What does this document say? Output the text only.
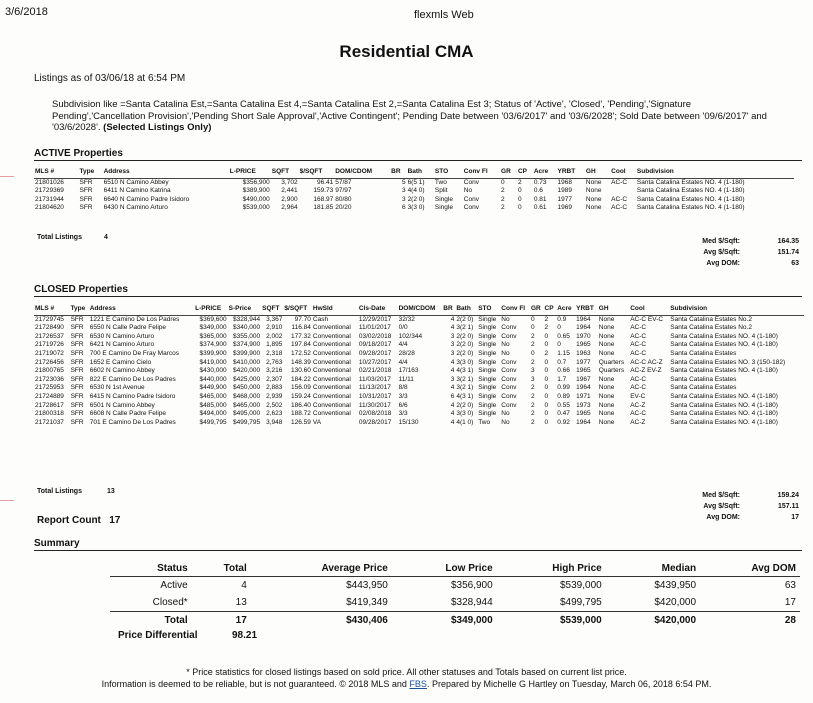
3/6/2018	flexmls Web
Residential CMA
Listings as of 03/06/18 at 6:54 PM
Subdivision like =Santa Catalina Est,=Santa Catalina Est 4,=Santa Catalina Est 2,=Santa Catalina Est 3; Status of 'Active', 'Closed', 'Pending','Signature Pending','Cancellation Provision','Pending Short Sale Approval','Active Contingent'; Pending Date between '03/6/2017' and '03/6/2028'; Sold Date between '09/6/2017' and '03/6/2028'. (Selected Listings Only)
ACTIVE Properties
MLS #	Type	Address	L-PRICE	SQFT	$/SQFT	DOM/CDOM	BR	Bath	STO	Conv Fl	GR	CP	Acre	YRBT	GH	Cool	Subdivision
21801026	SFR	6510 N Camino Abbey	$356,900	3,702	96.41	57/87	5	6(5 1)	Two	Conv	0	2	0.73	1968	None	AC-C	Santa Catalina Estates NO. 4 (1-180)
21729369	SFR	6411 N Camino Katrina	$389,900	2,441	159.73	97/97	3	4(4 0)	Split	No	2	0	0.6	1989	None		Santa Catalina Estates NO. 4 (1-180)
21731944	SFR	6640 N Camino Padre Isidoro	$490,000	2,900	168.97	80/80	3	2(2 0)	Single	Conv	2	0	0.81	1977	None	AC-C	Santa Catalina Estates NO. 4 (1-180)
21804620	SFR	6430 N Camino Arturo	$539,000	2,964	181.85	20/20	6	3(3 0)	Single	Conv	2	0	0.61	1969	None	AC-C	Santa Catalina Estates NO. 4 (1-180)
Total Listings	4
Med $/Sqft:	164.35
Avg $/Sqft:	151.74
Avg DOM:	63
CLOSED Properties
MLS #	Type	Address	L-PRICE	S-Price	SQFT	$/SQFT	HwSld	Cls-Date	DOM/CDOM	BR	Bath	STO	Conv Fl	GR	CP	Acre	YRBT	GH	Cool	Subdivision
21729745	SFR	1221 E Camino De Los Padres	$369,600	$328,944	3,367	97.70	Cash	12/29/2017	32/32	4	2(2 0)	Single	No	0	2	0.9	1964	None	AC-C EV-C	Santa Catalina Estates No.2
21728490	SFR	6550 N Calle Padre Felipe	$349,000	$340,000	2,910	116.84	Conventional	11/01/2017	0/0	4	3(2 1)	Single	Conv	0	2	0	1964	None	AC-C	Santa Catalina Estates No.2
21726537	SFR	6530 N Camino Arturo	$365,000	$355,000	2,002	177.32	Conventional	03/02/2018	102/344	3	2(2 0)	Single	Conv	2	0	0.65	1970	None	AC-C	Santa Catalina Estates NO. 4 (1-180)
21719726	SFR	6421 N Camino Arturo	$374,900	$374,900	1,895	197.84	Conventional	09/18/2017	4/4	3	2(2 0)	Single	No	2	0	0	1965	None	AC-C	Santa Catalina Estates NO. 4 (1-180)
21719072	SFR	700 E Camino De Fray Marcos	$399,900	$399,900	2,318	172.52	Conventional	09/28/2017	28/28	3	2(2 0)	Single	No	0	2	1.15	1963	None	AC-C	Santa Catalina Estates
21726456	SFR	1652 E Camino Cielo	$419,000	$410,000	2,763	148.39	Conventional	10/27/2017	4/4	4	3(3 0)	Single	Conv	2	0	0.7	1977	Quarters	AC-C AC-Z	Santa Catalina Estates NO. 3 (150-182)
21800765	SFR	6602 N Camino Abbey	$430,000	$420,000	3,216	130.60	Conventional	02/21/2018	17/163	4	4(3 1)	Single	Conv	3	0	0.66	1965	Quarters	AC-Z EV-Z	Santa Catalina Estates NO. 4 (1-180)
21723036	SFR	822 E Camino De Los Padres	$440,000	$425,000	2,307	184.22	Conventional	11/03/2017	11/11	3	3(2 1)	Single	Conv	3	0	1.7	1967	None	AC-C	Santa Catalina Estates
21725953	SFR	6530 N 1st Avenue	$449,900	$450,000	2,883	156.09	Conventional	11/13/2017	8/8	4	3(2 1)	Single	Conv	2	0	0.99	1964	None	AC-C	Santa Catalina Estates
21724889	SFR	6415 N Camino Padre Isidoro	$465,000	$468,000	2,939	159.24	Conventional	10/31/2017	3/3	6	4(3 1)	Single	Conv	2	0	0.89	1971	None	EV-C	Santa Catalina Estates NO. 4 (1-180)
21728617	SFR	6501 N Camino Abbey	$485,000	$465,000	2,502	186.40	Conventional	11/30/2017	6/6	4	2(2 0)	Single	Conv	2	0	0.55	1973	None	AC-Z	Santa Catalina Estates NO. 4 (1-180)
21800318	SFR	6608 N Calle Padre Felipe	$494,000	$495,000	2,623	188.72	Conventional	02/08/2018	3/3	4	3(3 0)	Single	No	2	0	0.47	1965	None	AC-C	Santa Catalina Estates NO. 4 (1-180)
21721037	SFR	701 E Camino De Los Padres	$499,795	$499,795	3,948	126.59	VA	09/28/2017	15/130	4	4(1 0)	Two	No	2	0	0.92	1964	None	AC-Z	Santa Catalina Estates NO. 4 (1-180)
Total Listings	13
Med $/Sqft:	159.24
Avg $/Sqft:	157.11
Avg DOM:	17
Report Count 17
Summary
Status	Total	Average Price	Low Price	High Price	Median	Avg DOM
Active	4	$443,950	$356,900	$539,000	$439,950	63
Closed*	13	$419,349	$328,944	$499,795	$420,000	17
Total	17	$430,406	$349,000	$539,000	$420,000	28
Price Differential	98.21
* Price statistics for closed listings based on sold price. All other statuses and Totals based on current list price.
Information is deemed to be reliable, but is not guaranteed. © 2018 MLS and FBS. Prepared by Michelle G Hartley on Tuesday, March 06, 2018 6:54 PM.
